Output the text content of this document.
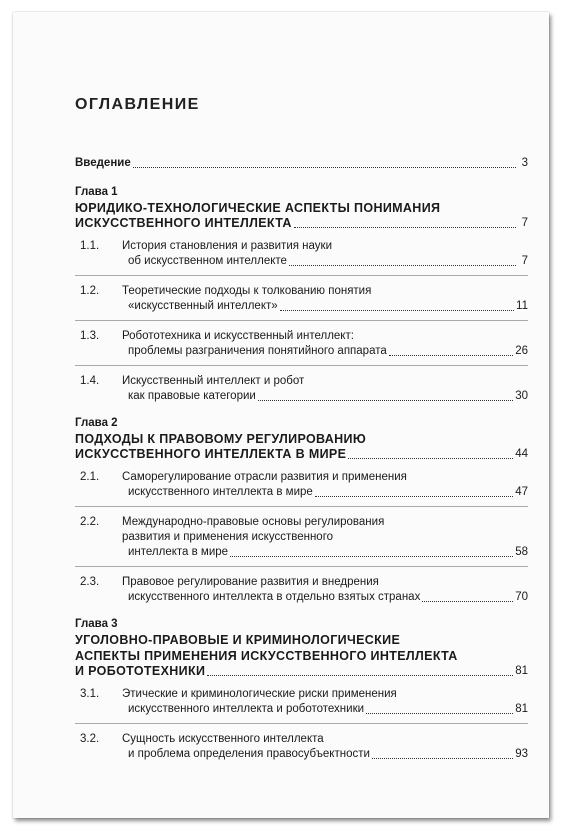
ОГЛАВЛЕНИЕ
Введение	3
Глава 1
ЮРИДИКО-ТЕХНОЛОГИЧЕСКИЕ АСПЕКТЫ ПОНИМАНИЯ
ИСКУССТВЕННОГО ИНТЕЛЛЕКТА	7
1.1.	История становления и развития науки
об искусственном интеллекте	7
1.2.	Теоретические подходы к толкованию понятия
«искусственный интеллект»	11
1.3.	Робототехника и искусственный интеллект:
проблемы разграничения понятийного аппарата	26
1.4.	Искусственный интеллект и робот
как правовые категории	30
Глава 2
ПОДХОДЫ К ПРАВОВОМУ РЕГУЛИРОВАНИЮ
ИСКУССТВЕННОГО ИНТЕЛЛЕКТА В МИРЕ	44
2.1.	Саморегулирование отрасли развития и применения
искусственного интеллекта в мире	47
2.2.	Международно-правовые основы регулирования
развития и применения искусственного
интеллекта в мире	58
2.3.	Правовое регулирование развития и внедрения
искусственного интеллекта в отдельно взятых странах	70
Глава 3
УГОЛОВНО-ПРАВОВЫЕ И КРИМИНОЛОГИЧЕСКИЕ
АСПЕКТЫ ПРИМЕНЕНИЯ ИСКУССТВЕННОГО ИНТЕЛЛЕКТА
И РОБОТОТЕХНИКИ	81
3.1.	Этические и криминологические риски применения
искусственного интеллекта и робототехники	81
3.2.	Сущность искусственного интеллекта
и проблема определения правосубъектности	93
